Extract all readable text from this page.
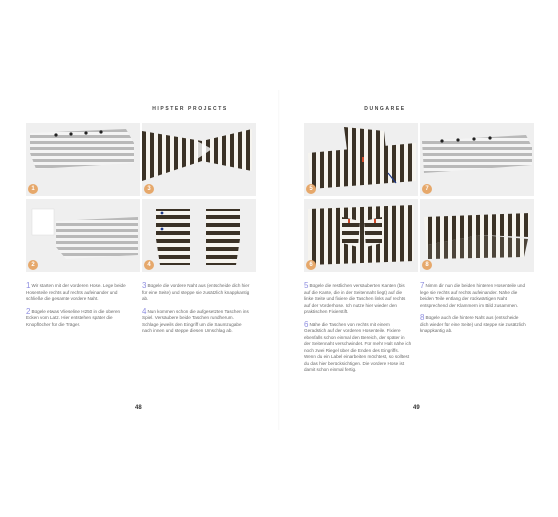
HIPSTER PROJECTS
1	3
2	4

1Wir starten mit der vorderen Hose. Lege beide Hosenteile rechts auf rechts aufeinander und schließe die gesamte vordere Naht.

2Bügele etwas Vlieseline H250 in die oberen Ecken vom Latz. Hier entstehen später die Knopflöcher für die Träger.

3Bügele die vordere Naht aus (entscheide dich hier für eine Seite) und steppe sie zusätzlich knappkantig ab.

4Nun kommen schon die aufgesetzten Taschen ins Spiel. Versäubere beide Taschen rundherum. Schlage jeweils den Eingriff um die Saumzugabe nach innen und steppe diesen Umschlag ab.

48
DUNGAREE
5	7
6	8

5Bügele die restlichen versäuberten Kanten (bis auf die Kante, die in der Seitennaht liegt) auf die linke Seite und fixiere die Taschen links auf rechts auf der Vorderhose. Ich nutze hier wieder den praktischen Fixierstift.

6Nähe die Taschen von rechts mit einem Geradstich auf der vorderen Hosenteile. Fixiere ebenfalls schon einmal den Bereich, der später in der Seitennaht verschwindet. Für mehr Halt nähe ich noch zwei Riegel über die Enden des Eingriffs. Wenn du ein Label einarbeiten möchtest, so solltest du das hier berücksichtigen. Die vordere Hose ist damit schon einmal fertig.

7Nimm dir nun die beiden hinteren Hosenteile und lege sie rechts auf rechts aufeinander. Nähe die beiden Teile entlang der rückwärtigen Naht entsprechend der Klammern im Bild zusammen.

8Bügele auch die hintere Naht aus (entscheide dich wieder für eine Seite) und steppe sie zusätzlich knappkantig ab.

49
